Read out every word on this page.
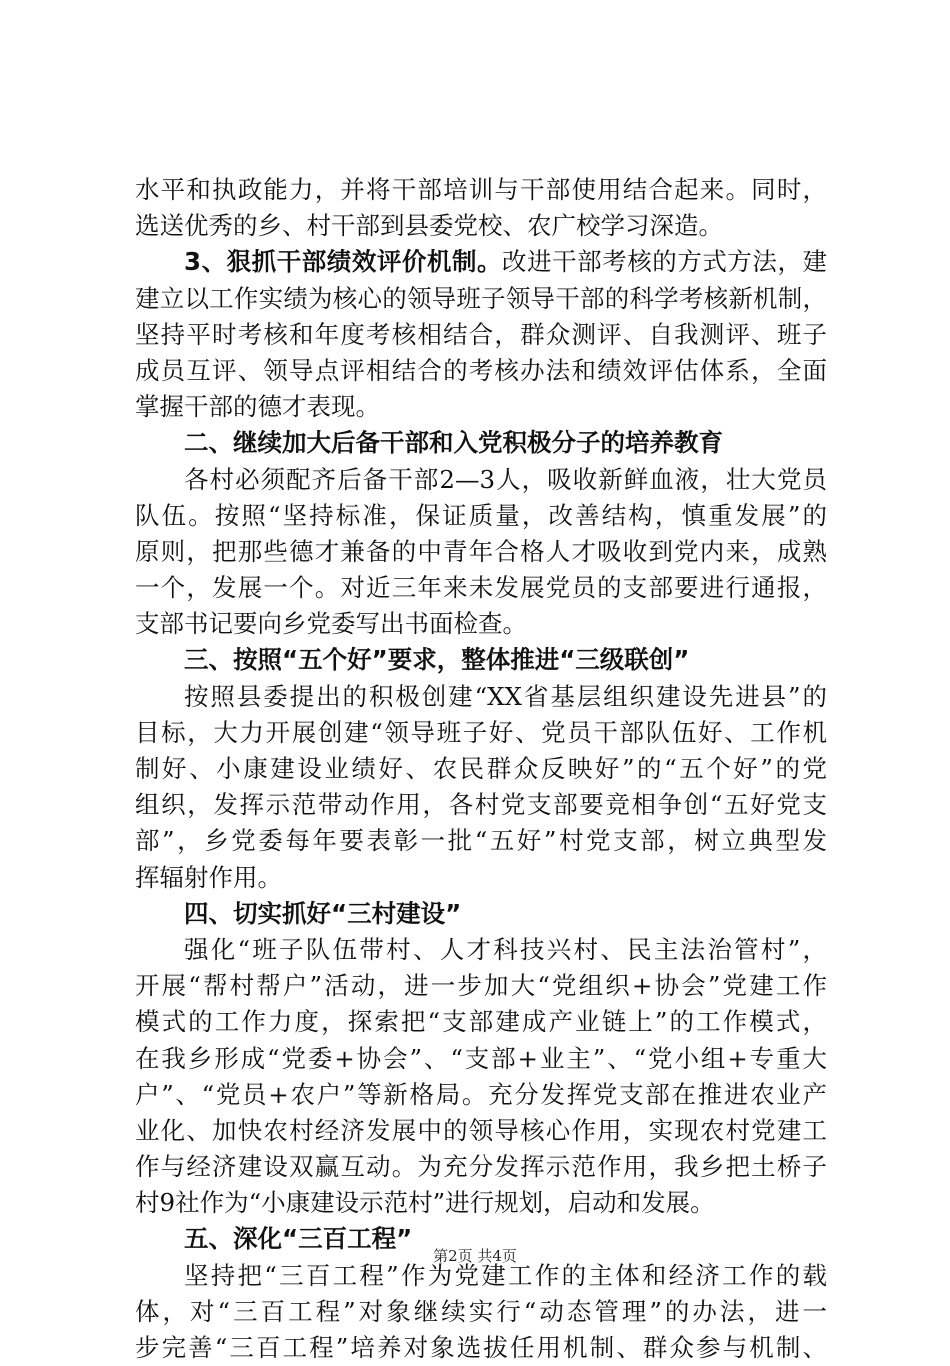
水平和执政能力，并将干部培训与干部使用结合起来。同时，
选送优秀的乡、村干部到县委党校、农广校学习深造。
3、狠抓干部绩效评价机制。改进干部考核的方式方法，建
建立以工作实绩为核心的领导班子领导干部的科学考核新机制，
坚持平时考核和年度考核相结合，群众测评、自我测评、班子
成员互评、领导点评相结合的考核办法和绩效评估体系，全面
掌握干部的德才表现。
二、继续加大后备干部和入党积极分子的培养教育
各村必须配齐后备干部2—3人，吸收新鲜血液，壮大党员
队伍。按照“坚持标准，保证质量，改善结构，慎重发展”的
原则，把那些德才兼备的中青年合格人才吸收到党内来，成熟
一个，发展一个。对近三年来未发展党员的支部要进行通报，
支部书记要向乡党委写出书面检查。
三、按照“五个好”要求，整体推进“三级联创”
按照县委提出的积极创建“XX省基层组织建设先进县”的
目标，大力开展创建“领导班子好、党员干部队伍好、工作机
制好、小康建设业绩好、农民群众反映好”的“五个好”的党
组织，发挥示范带动作用，各村党支部要竞相争创“五好党支
部”，乡党委每年要表彰一批“五好”村党支部，树立典型发
挥辐射作用。
四、切实抓好“三村建设”
强化“班子队伍带村、人才科技兴村、民主法治管村”，
开展“帮村帮户”活动，进一步加大“党组织+协会”党建工作
模式的工作力度，探索把“支部建成产业链上”的工作模式，
在我乡形成“党委+协会”、“支部+业主”、“党小组+专重大
户”、“党员+农户”等新格局。充分发挥党支部在推进农业产
业化、加快农村经济发展中的领导核心作用，实现农村党建工
作与经济建设双赢互动。为充分发挥示范作用，我乡把土桥子
村9社作为“小康建设示范村”进行规划，启动和发展。
五、深化“三百工程”
坚持把“三百工程”作为党建工作的主体和经济工作的载
体，对“三百工程”对象继续实行“动态管理”的办法，进一
步完善“三百工程”培养对象选拔任用机制、群众参与机制、
第2页 共4页
